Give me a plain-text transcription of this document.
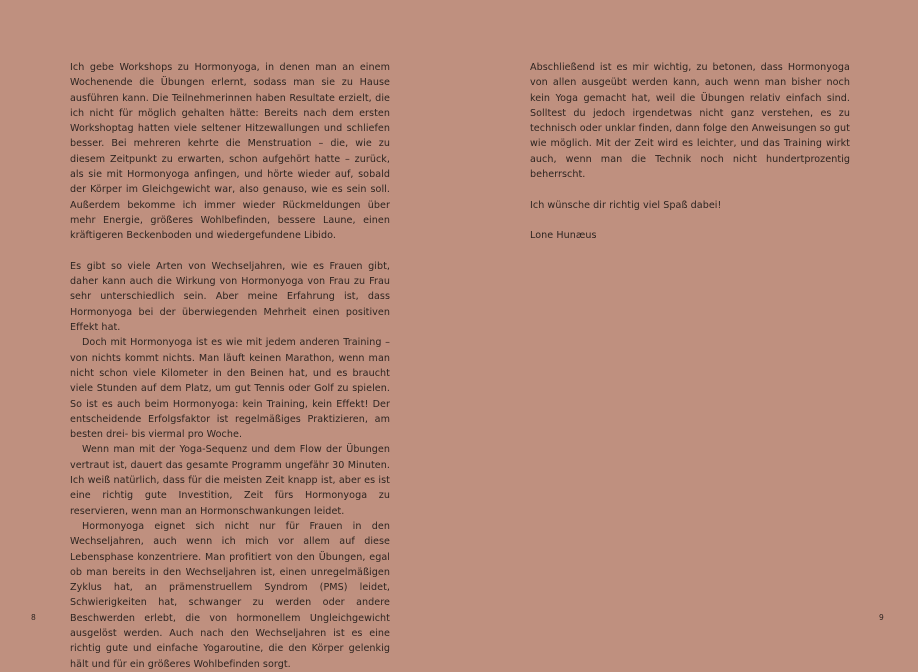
Ich gebe Workshops zu Hormonyoga, in denen man an einem Wochenende die Übungen erlernt, sodass man sie zu Hause ausführen kann. Die Teilnehmerinnen haben Resultate erzielt, die ich nicht für möglich gehalten hätte: Bereits nach dem ersten Workshoptag hatten viele seltener Hitzewallungen und schliefen besser. Bei mehreren kehrte die Menstruation – die, wie zu diesem Zeitpunkt zu erwarten, schon aufgehört hatte – zurück, als sie mit Hormonyoga anfingen, und hörte wieder auf, sobald der Körper im Gleichgewicht war, also genauso, wie es sein soll. Außerdem bekomme ich immer wieder Rückmeldungen über mehr Energie, größeres Wohlbefinden, bessere Laune, einen kräftigeren Beckenboden und wiedergefundene Libido.

Es gibt so viele Arten von Wechseljahren, wie es Frauen gibt, daher kann auch die Wirkung von Hormonyoga von Frau zu Frau sehr unterschiedlich sein. Aber meine Erfahrung ist, dass Hormonyoga bei der überwiegenden Mehrheit einen positiven Effekt hat.

Doch mit Hormonyoga ist es wie mit jedem anderen Training – von nichts kommt nichts. Man läuft keinen Marathon, wenn man nicht schon viele Kilometer in den Beinen hat, und es braucht viele Stunden auf dem Platz, um gut Tennis oder Golf zu spielen. So ist es auch beim Hormonyoga: kein Training, kein Effekt! Der entscheidende Erfolgsfaktor ist regelmäßiges Praktizieren, am besten drei- bis viermal pro Woche.

Wenn man mit der Yoga-Sequenz und dem Flow der Übungen vertraut ist, dauert das gesamte Programm ungefähr 30 Minuten. Ich weiß natürlich, dass für die meisten Zeit knapp ist, aber es ist eine richtig gute Investition, Zeit fürs Hormonyoga zu reservieren, wenn man an Hormonschwankungen leidet.

Hormonyoga eignet sich nicht nur für Frauen in den Wechseljahren, auch wenn ich mich vor allem auf diese Lebensphase konzentriere. Man profitiert von den Übungen, egal ob man bereits in den Wechseljahren ist, einen unregelmäßigen Zyklus hat, an prämenstruellem Syndrom (PMS) leidet, Schwierigkeiten hat, schwanger zu werden oder andere Beschwerden erlebt, die von hormonellem Ungleichgewicht ausgelöst werden. Auch nach den Wechseljahren ist es eine richtig gute und einfache Yogaroutine, die den Körper gelenkig hält und für ein größeres Wohlbefinden sorgt.

8

Abschließend ist es mir wichtig, zu betonen, dass Hormonyoga von allen ausgeübt werden kann, auch wenn man bisher noch kein Yoga gemacht hat, weil die Übungen relativ einfach sind. Solltest du jedoch irgendetwas nicht ganz verstehen, es zu technisch oder unklar finden, dann folge den Anweisungen so gut wie möglich. Mit der Zeit wird es leichter, und das Training wirkt auch, wenn man die Technik noch nicht hundertprozentig beherrscht.

Ich wünsche dir richtig viel Spaß dabei!

Lone Hunæus

9
